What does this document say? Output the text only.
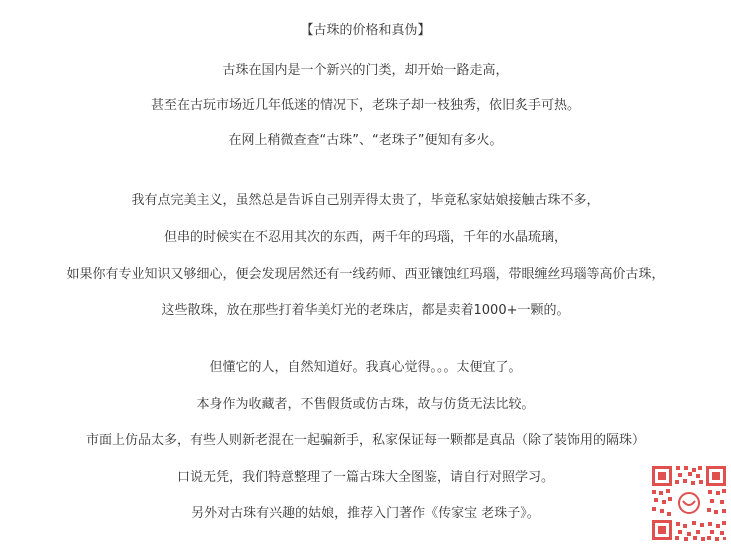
【古珠的价格和真伪】
古珠在国内是一个新兴的门类，却开始一路走高，
甚至在古玩市场近几年低迷的情况下，老珠子却一枝独秀，依旧炙手可热。
在网上稍微查查“古珠”、“老珠子”便知有多火。
我有点完美主义，虽然总是告诉自己别弄得太贵了，毕竟私家姑娘接触古珠不多，
但串的时候实在不忍用其次的东西，两千年的玛瑙，千年的水晶琉璃，
如果你有专业知识又够细心，便会发现居然还有一线药师、西亚镶蚀红玛瑙，带眼缠丝玛瑙等高价古珠，
这些散珠，放在那些打着华美灯光的老珠店，都是卖着1000+一颗的。
但懂它的人，自然知道好。我真心觉得。。。太便宜了。
本身作为收藏者，不售假货或仿古珠，故与仿货无法比较。
市面上仿品太多，有些人则新老混在一起骗新手，私家保证每一颗都是真品（除了装饰用的隔珠）
口说无凭，我们特意整理了一篇古珠大全图鉴，请自行对照学习。
另外对古珠有兴趣的姑娘，推荐入门著作《传家宝 老珠子》。
